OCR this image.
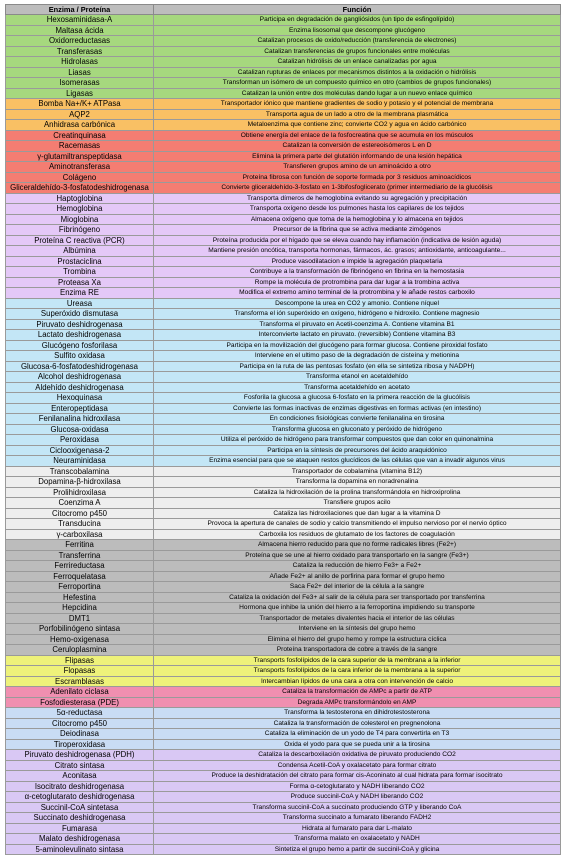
Enzima / Proteína	Función
Hexosaminidasa-A	Participa en degradación de gangliósidos (un tipo de esfingolípido)
Maltasa ácida	Enzima lisosomal que descompone glucógeno
Oxidorreductasas	Catalizan procesos de oxido/reducción (transferencia de electrones)
Transferasas	Catalizan transferencias de grupos funcionales entre moléculas
Hidrolasas	Catalizan hidrólisis de un enlace canalizadas por agua
Liasas	Catalizan rupturas de enlaces por mecanismos distintos a la oxidación o hidrólisis
Isomerasas	Transforman un isómero de un compuesto químico en otro (cambios de grupos funcionales)
Ligasas	Catalizan la unión entre dos moléculas dando lugar a un nuevo enlace químico
Bomba Na+/K+ ATPasa	Transportador iónico que mantiene gradientes de sodio y potasio y el potencial de membrana
AQP2	Transporta agua de un lado a otro de la membrana plasmática
Anhidrasa carbónica	Metaloenzima que contiene zinc; convierte CO2 y agua en ácido carbónico
Creatinquinasa	Obtiene energía del enlace de la fosfocreatina que se acumula en los músculos
Racemasas	Catalizan la conversión de estereoisómeros L en D
γ-glutamiltranspeptidasa	Elimina la primera parte del glutatión informando de una lesión hepática
Aminotransferasa	Transfieren grupos amino de un aminoácido a otro
Colágeno	Proteína fibrosa con función de soporte formada por 3 residuos aminoacídicos
Gliceraldehído-3-fosfatodeshidrogenasa	Convierte gliceraldehído-3-fosfato en 1-3bifosfoglicerato (primer intermediario de la glucólisis
Haptoglobina	Transporta dímeros de hemoglobina evitando su agregación y precipitación
Hemoglobina	Transporta oxígeno desde los pulmones hasta los capilares de los tejidos
Mioglobina	Almacena oxígeno que toma de la hemoglobina y lo almacena en tejidos
Fibrinógeno	Precursor de la fibrina que se activa mediante zimógenos
Proteína C reactiva (PCR)	Proteína producida por el hígado que se eleva cuando hay inflamación (indicativa de lesión aguda)
Albúmina	Mantiene presión oncótica, transporta hormonas, fármacos, ác. grasos; antioxidante, anticoagulante...
Prostaciclina	Produce vasodilatacion e impide la agregación plaquetaria
Trombina	Contribuye a la transformación de fibrinógeno en fibrina en la hemostasia
Proteasa Xa	Rompe la molécula de protrombina para dar lugar a la trombina activa
Enzima RE	Modifica el extremo amino terminal de la protrombina y le añade restos carboxilo
Ureasa	Descompone la urea en CO2 y amonio. Contiene níquel
Superóxido dismutasa	Transforma el ión superóxido en oxígeno, hidrógeno e hidroxilo. Contiene magnesio
Piruvato deshidrogenasa	Transforma el piruvato en Acetil-coenzima A. Contiene vitamina B1
Lactato deshidrogenasa	Interconvierte lactato en piruvato. (reversible) Contiene vitamina B3
Glucógeno fosforilasa	Participa en la movilización del glucógeno para formar glucosa. Contiene piroxidal fosfato
Sulfito oxidasa	Interviene en el ultimo paso de la degradación de cisteína y metionina
Glucosa-6-fosfatodeshidrogenasa	Participa en la ruta de las pentosas fosfato (en ella se sintetiza ribosa y NADPH)
Alcohol deshidrogenasa	Transforma etanol en acetaldehído
Aldehído deshidrogenasa	Transforma acetaldehído en acetato
Hexoquinasa	Fosforila la glucosa a glucosa 6-fosfato en la primera reacción de la glucólisis
Enteropeptidasa	Convierte las formas inactivas de enzimas digestivas en formas activas (en intestino)
Fenilanalina hidroxilasa	En condiciones fisiológicas convierte fenilanalina en tirosina
Glucosa-oxidasa	Transforma glucosa en gluconato y peróxido de hidrógeno
Peroxidasa	Utiliza el peróxido de hidrógeno para transformar compuestos que dan color en quinonalmina
Ciclooxigenasa-2	Participa en la síntesis de precursores del ácido araquidónico
Neuraminidasa	Enzima esencial para que se ataquen restos glucídicos de las células que van a invadir algunos virus
Transcobalamina	Transportador de cobalamina (vitamina B12)
Dopamina-β-hidroxilasa	Transforma la dopamina en noradrenalina
Prolihidroxilasa	Cataliza la hidroxilación de la prolina transformándola en hidroxiprolina
Coenzima A	Transfiere grupos acilo
Citocromo p450	Cataliza las hidroxilaciones que dan lugar a la vitamina D
Transducina	Provoca la apertura de canales de sodio y calcio transmitiendo el impulso nervioso por el nervio óptico
γ-carboxilasa	Carboxila los residuos de glutamato de los factores de coagulación
Ferritina	Almacena hierro reducido para que no forme radicales libres (Fe2+)
Transferrina	Proteína que se une al hierro oxidado para transportarlo en la sangre (Fe3+)
Ferrireductasa	Cataliza la reducción de hierro Fe3+ a Fe2+
Ferroquelatasa	Añade Fe2+ al anillo de porfirina para formar el grupo hemo
Ferroportina	Saca Fe2+ del interior de la célula a la sangre
Hefestina	Cataliza la oxidación del Fe3+ al salir de la célula para ser transportado por transferrina
Hepcidina	Hormona que inhibe la unión del hierro a la ferroportina impidiendo su transporte
DMT1	Transportador de metales divalentes hacia el interior de las células
Porfobilinógeno sintasa	Interviene en la síntesis del grupo hemo
Hemo-oxigenasa	Elimina el hierro del grupo hemo y rompe la estructura cíclica
Ceruloplasmina	Proteína transportadora de cobre a través de la sangre
Flipasas	Transports fosfolípidos de la cara superior de la membrana a la inferior
Flopasas	Transports fosfolípidos de la cara inferior de la membrana a la superior
Escramblasas	Intercambian lípidos de una cara a otra con intervención de calcio
Adenilato ciclasa	Cataliza la transformación de AMPc a partir de ATP
Fosfodiesterasa (PDE)	Degrada AMPc transformándolo en AMP
5α-reductasa	Transforma la testosterona en dihidrotestosterona
Citocromo p450	Cataliza la transformación de colesterol en pregnenolona
Deiodinasa	Cataliza la eliminación de un yodo de T4 para convertirla en T3
Tiroperoxidasa	Oxida el yodo para que se pueda unir a la tirosina
Piruvato deshidrogenasa (PDH)	Cataliza la descarboxilación oxidativa de piruvato produciendo CO2
Citrato sintasa	Condensa Acetil-CoA y oxalacetato para formar citrato
Aconitasa	Produce la deshidratación del citrato para formar cis-Aconinato al cual hidrata para formar isocitrato
Isocitrato deshidrogenasa	Forma α-cetoglutarato y NADH liberando CO2
α-cetoglutarato deshidrogenasa	Produce succinil-CoA y NADH liberando CO2
Succinil-CoA sintetasa	Transforma succinil-CoA a succinato produciendo GTP y liberando CoA
Succinato deshidrogenasa	Transforma succinato a fumarato liberando FADH2
Fumarasa	Hidrata al fumarato para dar L-malato
Malato deshidrogenasa	Transforma malato en oxalacetato y NADH
5-aminolevulinato sintasa	Sintetiza el grupo hemo a partir de succinil-CoA y glicina
